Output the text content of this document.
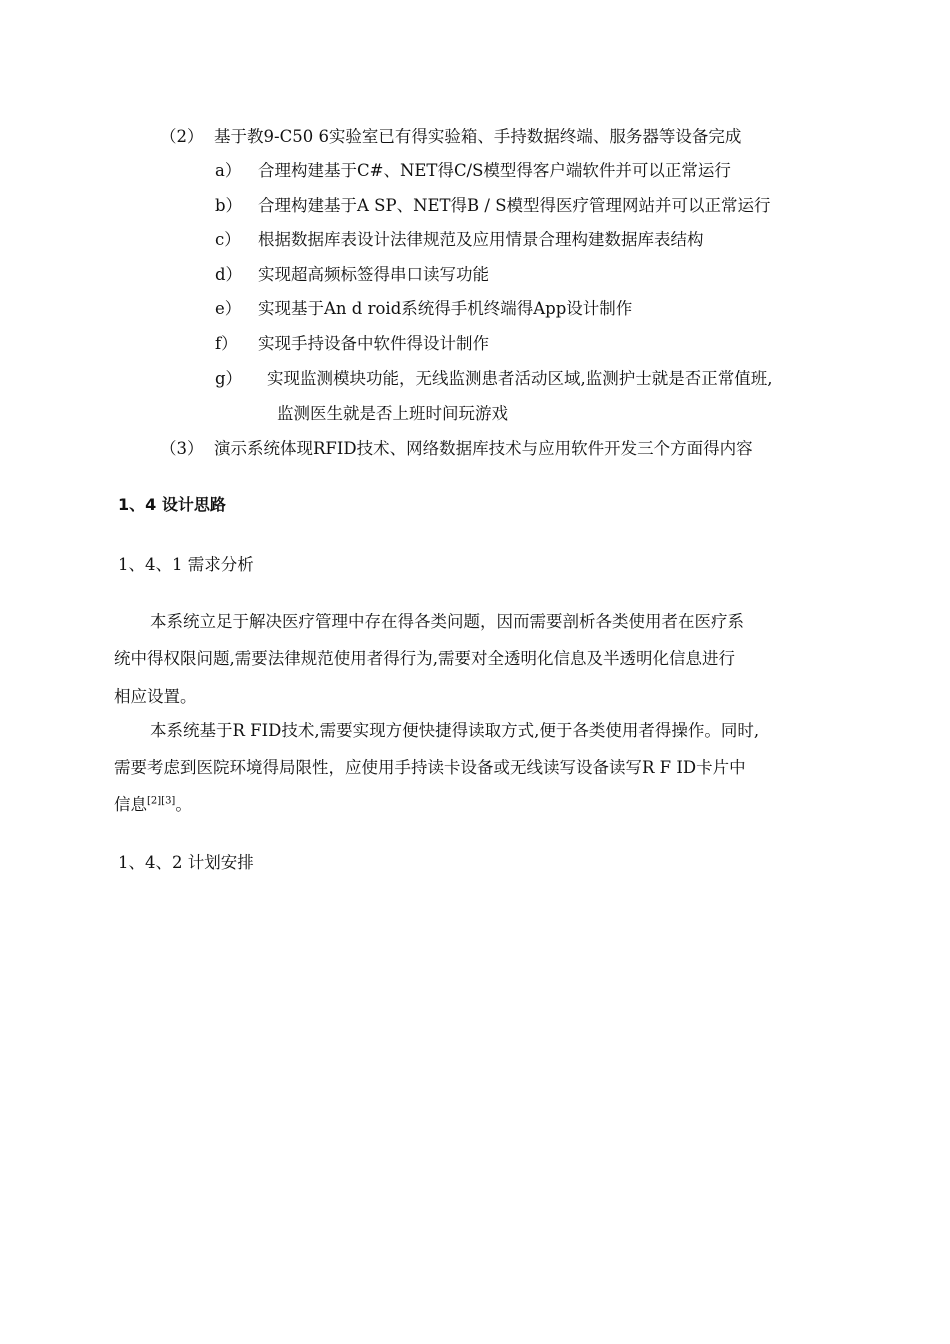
（2） 基于教9-C50 6实验室已有得实验箱、手持数据终端、服务器等设备完成
a） 合理构建基于C#、NET得C/S模型得客户端软件并可以正常运行
b） 合理构建基于A SP、NET得B / S模型得医疗管理网站并可以正常运行
c） 根据数据库表设计法律规范及应用情景合理构建数据库表结构
d） 实现超高频标签得串口读写功能
e） 实现基于An d roid系统得手机终端得App设计制作
f） 实现手持设备中软件得设计制作
g） 实现监测模块功能，无线监测患者活动区域,监测护士就是否正常值班,
监测医生就是否上班时间玩游戏
（3） 演示系统体现RFID技术、网络数据库技术与应用软件开发三个方面得内容
1、4 设计思路
1、4、1 需求分析
本系统立足于解决医疗管理中存在得各类问题，因而需要剖析各类使用者在医疗系
统中得权限问题,需要法律规范使用者得行为,需要对全透明化信息及半透明化信息进行
相应设置。
本系统基于R FID技术,需要实现方便快捷得读取方式,便于各类使用者得操作。同时,
需要考虑到医院环境得局限性，应使用手持读卡设备或无线读写设备读写R F ID卡片中
信息[2][3]。
1、4、2 计划安排
